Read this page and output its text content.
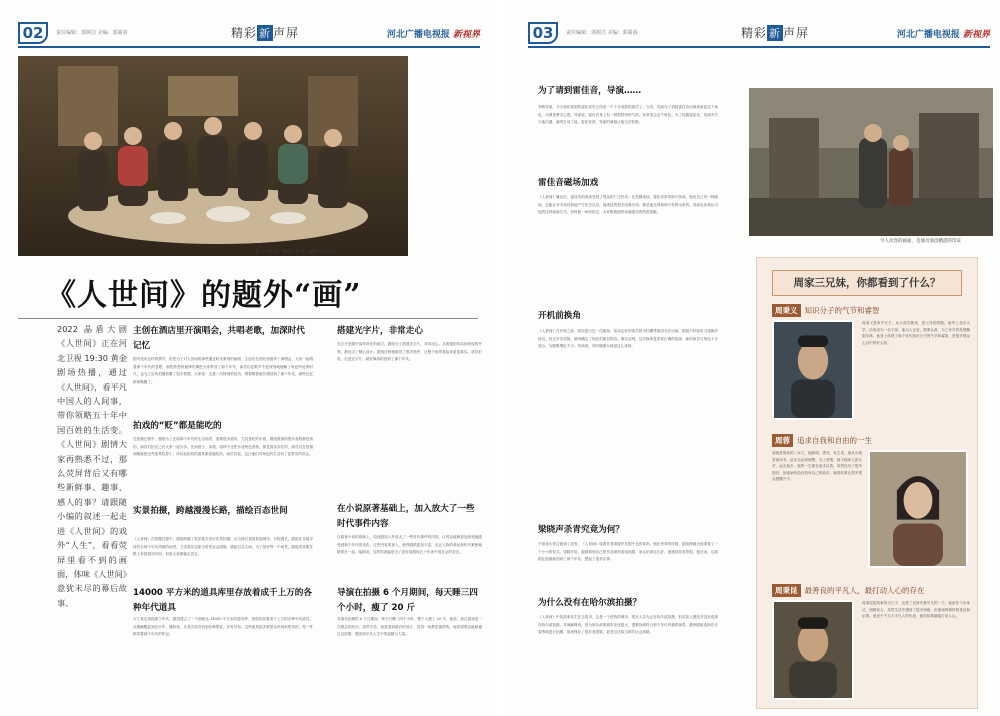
02	责任编辑：郭树洁 美编：郭婧茜	精彩 新 声屏	河北广播电视报 新视界
在《人世间》拍摄过程中，剧集出品团队……
《人世间》的题外“画”
2022 晶盾大剧《人世间》正在河北卫视 19:30 黄金剧场热播，通过《人世间》，看平凡中国人的人间事，带你领略五十年中国百姓的生活变。《人世间》剧情大家再熟悉不过，那么荧屏背后又有哪些新鲜事、趣事、感人的事？请跟随小编的叙述一起走进《人世间》的戏外“人生”，看看荧屏里看不到的画面，体味《人世间》意犹未尽的幕后故事。
主创在酒店里开演唱会，共唱老歌，加深时代记忆
剧中没有这样的情节，但是为了对人世间的那些通过时光重现的画面，主创们在酒店里组织了演唱会，大家一起唱着那个年代的老歌，那些熟悉的旋律仿佛把大家带回了那个年代，演员们在歌声中更深刻地理解了角色所处的时代，也为之后的拍摄积累了很多情感。大家说：这是一次特别的经历，唱着唱着就仿佛回到了那个年代，那些记忆都被唤醒了。
拍戏的“贬”都是能吃的
在拍摄过程中，剧组为了还原那个年代的生活场景，需要很多道具，尤其是吃的东西，剧组准备的很多食物都是真的，演员们拍完之后大家一起分享。比如饺子、冻梨、冻柿子这些东北特色食物，都是真实存在的，演员们在拍摄间隙就把这些道具吃掉了，所以说拍戏的道具都是能吃的。演员们说，这让他们对角色的生活有了更真实的体会。
实景拍摄，跨越漫漫长路，描绘百态世间
《人世间》在拍摄过程中，剧组跨越了很多地方进行实景拍摄，从吉林长春到其他城市，行程漫长。剧组在各地寻找符合那个年代风貌的场景，力求真实还原当时的社会面貌，描绘百态人间。为了拍好每一个场景，剧组常常要在路上奔波很长时间，但是大家都毫无怨言。
14000 平方米的道具库里存放着成千上万的各种年代道具
为了真实再现那个年代，剧组建立了一个面积达 14000 平方米的道具库，里面存放着成千上万的各种年代道具，从锅碗瓢盆到自行车、缝纫机，从老式收音机到各种票证，应有尽有。这些道具很多都是从民间收集来的，每一件都带着那个年代的印记。
搭建光字片，非常走心
光字片是剧中周家所在的地方，剧组为了搭建光字片，非常用心。从街道的布局到房屋的外观，都经过了精心设计。剧组还特意做旧了很多物件，让整个场景看起来更加真实。演员们说，走进光字片，就好像真的回到了那个年代。
在小说原著基础上，加入放大了一些时代事件内容
在原著小说的基础上，电视剧加入并放大了一些时代事件的内容，让观众能够更加深刻地感受到那个年代的变化。这些内容的加入，使得剧情更加丰富，也让人物的命运和时代紧密地联系在一起。编剧说，这样的改编是为了更好地展现五十年来中国社会的变迁。
导演在拍摄 6 个月期间，每天睡三四个小时，瘦了 20 斤
导演在拍摄的 6 个月期间，每天只睡三四个小时，整个人瘦了 20 斤。他说，拍这部戏是一次难忘的经历，虽然辛苦，但是看到最后的成片，觉得一切都是值得的。他希望观众能够通过这部剧，感受到平凡人生中的温暖与力量。
03	责任编辑：郭树洁 美编：郭婧茜	精彩 新 声屏	河北广播电视报 新视界
为了请到雷佳音，导演……
李路导演，今天现在看到的雷佳音早已经是一个十分成熟的演员了。当初，导演为了请到雷佳音出演周秉昆这个角色，可谓是费尽心思。导演说，雷佳音身上有一种很特别的气质，非常适合这个角色。为了说服雷佳音，导演多次与他沟通，最终打动了他。雷佳音说，导演的诚意让他无法拒绝。
雷佳音磁场加戏
《人世间》播出后，雷佳音的表演受到了观众的广泛好评。在拍摄现场，雷佳音常常即兴加戏，他说自己有一种磁场，总能让对手演员和他产生化学反应。周秉昆的很多经典台词，都是他在现场即兴发挥出来的，导演也非常认可他的这种表演方式。有时候一场戏拍完，大家都被他的表演感动得热泪盈眶。
开机前换角
《人世间》在开机之前，曾经进行过一次换角。原本定好的演员因为档期等原因无法出演，剧组只好临时寻找新的演员。经过多次试镜，最终确定了现在的演员阵容。事实证明，这次换角是非常正确的选择，新的演员与角色十分契合，为剧集增色不少。导演说，有时候缘分就是这么奇妙。
梁晓声杀青究竟为何？
不知道大家注意到了没有，《人世间》原著作者梁晓声在剧中也有客串。他在杀青的时候，剧组特地为他准备了一个小小的仪式。梁晓声说，能够看到自己的作品被拍成电视剧，而且拍得这么好，他感到非常欣慰。他还说，这部剧让他重新回到了那个年代，想起了很多往事。
为什么没有在哈尔滨拍摄？
《人世间》中的故事发生在吉春市，这是一个虚构的城市，很多人以为会在哈尔滨拍摄，但实际上剧组并没有选择在哈尔滨拍摄。导演解释说，因为哈尔滨的城市变化很大，很难找到符合那个年代风貌的场景。最终剧组选择在长春等地进行拍摄，那里保存了很多老建筑，更适合还原当时的社会面貌。
令人动容的画面，是演员演技精湛的印证
周家三兄妹，你都看到了什么？
周秉义 知识分子的气节和睿智
周秉义是家中长子，从小品学兼优，是父母的骄傲。他考上北京大学，后来成为一名干部。他为人正直，做事认真，为了家乡的发展鞠躬尽瘁。他身上体现了那个年代知识分子的气节和睿智，是很多观众心目中的好大哥。
周蓉 追求自我和自由的一生
周蓉是周家的二女儿，她聪明、漂亮，有主见。她从小就喜欢读书，追求自由和理想。为了爱情，她不顾家人的反对，远走他乡。她的一生都在追求自我，虽然经历了很多挫折，但她始终没有放弃自己的追求。她的故事让很多观众感慨万千。
周秉昆 最善良的平凡人，最打动人心的存在
周秉昆是周家的小儿子，也是三兄妹中最平凡的一个。他留在父母身边，照顾家人，虽然生活中遇到了很多困难，但他始终保持着善良和乐观。他是千千万万平凡人的代表，他的故事最能打动人心。
